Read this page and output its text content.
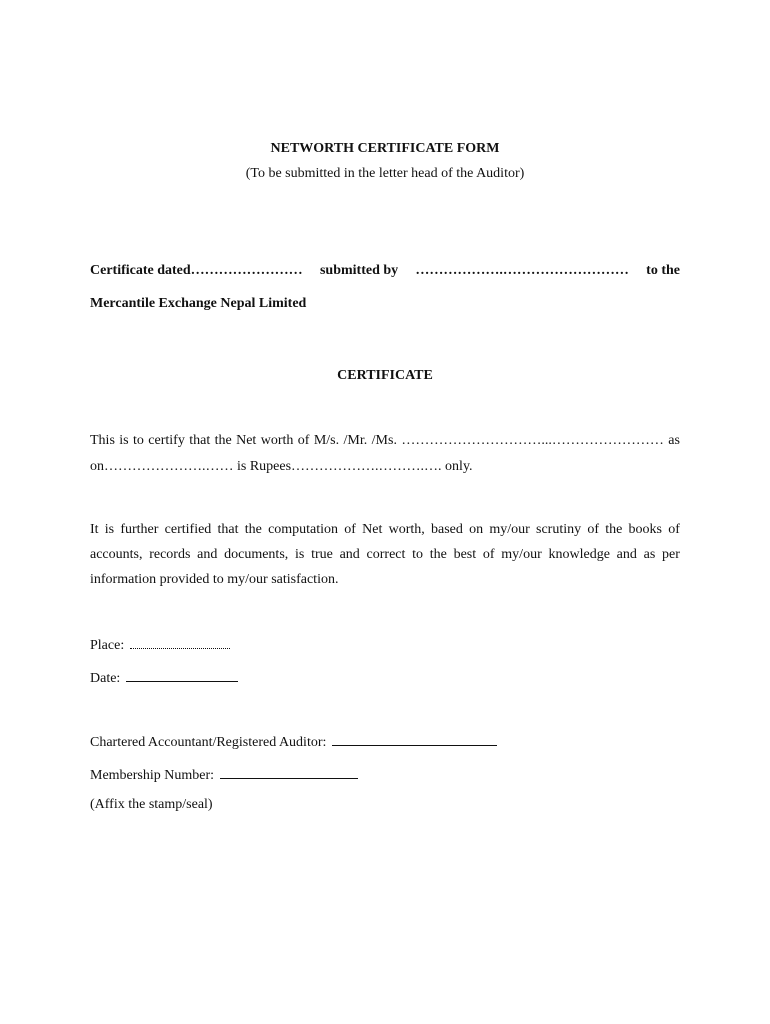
NETWORTH CERTIFICATE FORM
(To be submitted in the letter head of the Auditor)
Certificate dated…………………… submitted by ……………….……………………… to the
Mercantile Exchange Nepal Limited
CERTIFICATE
This is to certify that the Net worth of M/s. /Mr. /Ms. …………………………...…………………… as
on………………….…… is Rupees……………….……….…. only.
It is further certified that the computation of Net worth, based on my/our scrutiny of the books of
accounts, records and documents, is true and correct to the best of my/our knowledge and as per
information provided to my/our satisfaction.
Place:
Date:
Chartered Accountant/Registered Auditor:
Membership Number:
(Affix the stamp/seal)
